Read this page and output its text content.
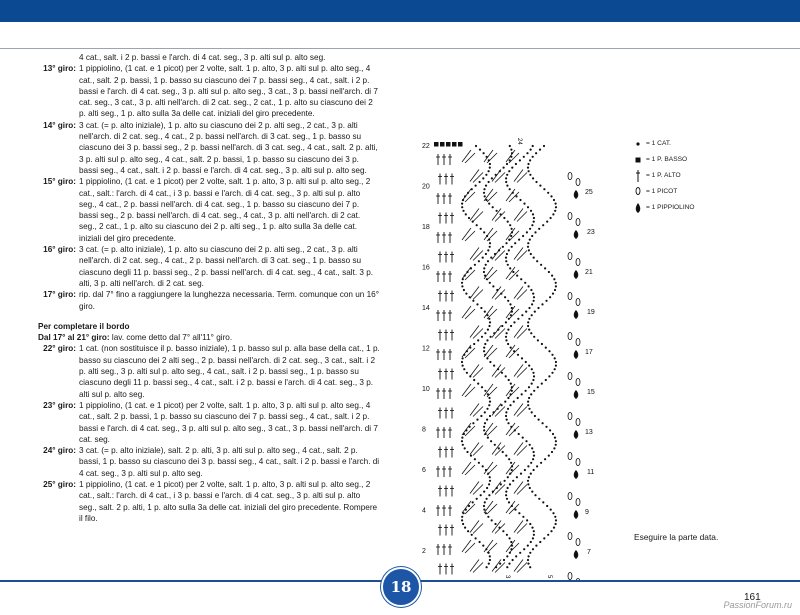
4 cat., salt. i 2 p. bassi e l'arch. di 4 cat. seg., 3 p. alti sul p. alto seg.
13° giro: 1 pippiolino, (1 cat. e 1 picot) per 2 volte, salt. 1 p. alto, 3 p. alti sul p. alto seg., 4 cat., salt. 2 p. bassi, 1 p. basso su ciascuno dei 7 p. bassi seg., 4 cat., salt. i 2 p. bassi e l'arch. di 4 cat. seg., 3 p. alti sul p. alto seg., 3 cat., 3 p. bassi nell'arch. di 7 cat. seg., 3 cat., 3 p. alti nell'arch. di 2 cat. seg., 2 cat., 1 p. alto su ciascuno dei 2 p. alti seg., 1 p. alto sulla 3a delle cat. iniziali del giro precedente.
14° giro: 3 cat. (= p. alto iniziale), 1 p. alto su ciascuno dei 2 p. alti seg., 2 cat., 3 p. alti nell'arch. di 2 cat. seg., 4 cat., 2 p. bassi nell'arch. di 3 cat. seg., 1 p. basso su ciascuno dei 3 p. bassi seg., 2 p. bassi nell'arch. di 3 cat. seg., 4 cat., salt. 2 p. alti, 3 p. alti sul p. alto seg., 4 cat., salt. 2 p. bassi, 1 p. basso su ciascuno dei 3 p. bassi seg., 4 cat., salt. i 2 p. bassi e l'arch. di 4 cat. seg., 3 p. alti sul p. alto seg.
15° giro: 1 pippiolino, (1 cat. e 1 picot) per 2 volte, salt. 1 p. alto, 3 p. alti sul p. alto seg., 2 cat., salt.: l'arch. di 4 cat., i 3 p. bassi e l'arch. di 4 cat. seg., 3 p. alti sul p. alto seg., 4 cat., 2 p. bassi nell'arch. di 4 cat. seg., 1 p. basso su ciascuno dei 7 p. bassi seg., 2 p. bassi nell'arch. di 4 cat. seg., 4 cat., 3 p. alti nell'arch. di 2 cat. seg., 2 cat., 1 p. alto su ciascuno dei 2 p. alti seg., 1 p. alto sulla 3a delle cat. iniziali del giro precedente.
16° giro: 3 cat. (= p. alto iniziale), 1 p. alto su ciascuno dei 2 p. alti seg., 2 cat., 3 p. alti nell'arch. di 2 cat. seg., 4 cat., 2 p. bassi nell'arch. di 3 cat. seg., 1 p. basso su ciascuno degli 11 p. bassi seg., 2 p. bassi nell'arch. di 4 cat. seg., 4 cat., salt. 3 p. alti, 3 p. alti nell'arch. di 2 cat. seg.
17° giro: rip. dal 7° fino a raggiungere la lunghezza necessaria. Term. comunque con un 16° giro.
Per completare il bordo
Dal 17° al 21° giro: lav. come detto dal 7° all'11° giro.
22° giro: 1 cat. (non sostituisce il p. basso iniziale), 1 p. basso sul p. alla base della cat., 1 p. basso su ciascuno dei 2 alti seg., 2 p. bassi nell'arch. di 2 cat. seg., 3 cat., salt. i 2 p. alti seg., 3 p. alti sul p. alto seg., 4 cat., salt. i 2 p. bassi seg., 1 p. basso su ciascuno degli 11 p. bassi seg., 4 cat., salt. i 2 p. bassi e l'arch. di 4 cat. seg., 3 p. alti sul p. alto seg.
23° giro: 1 pippiolino, (1 cat. e 1 picot) per 2 volte, salt. 1 p. alto, 3 p. alti sul p. alto seg., 4 cat., salt. 2 p. bassi, 1 p. basso su ciascuno dei 7 p. bassi seg., 4 cat., salt. i 2 p. bassi e l'arch. di 4 cat. seg., 3 p. alti sul p. alto seg., 3 cat., 3 p. bassi nell'arch. di 7 cat. seg.
24° giro: 3 cat. (= p. alto iniziale), salt. 2 p. alti, 3 p. alti sul p. alto seg., 4 cat., salt. 2 p. bassi, 1 p. basso su ciascuno dei 3 p. bassi seg., 4 cat., salt. i 2 p. bassi e l'arch. di 4 cat. seg., 3 p. alti sul p. alto seg.
25° giro: 1 pippiolino, (1 cat. e 1 picot) per 2 volte, salt. 1 p. alto, 3 p. alti sul p. alto seg., 2 cat., salt.: l'arch. di 4 cat., i 3 p. bassi e l'arch. di 4 cat. seg., 3 p. alti sul p. alto seg., salt. 2 p. alti, 1 p. alto sulla 3a delle cat. iniziali del giro precedente. Rompere il filo.
22
20
18
16
14
12
10
8
6
4
2
25
23
21
19
17
15
13
11
9
7
24
3	5
= 1 CAT.
= 1 P. BASSO
= 1 P. ALTO
= 1 PICOT
= 1 PIPPIOLINO
Eseguire la parte data.
18
161
PassionForum.ru
